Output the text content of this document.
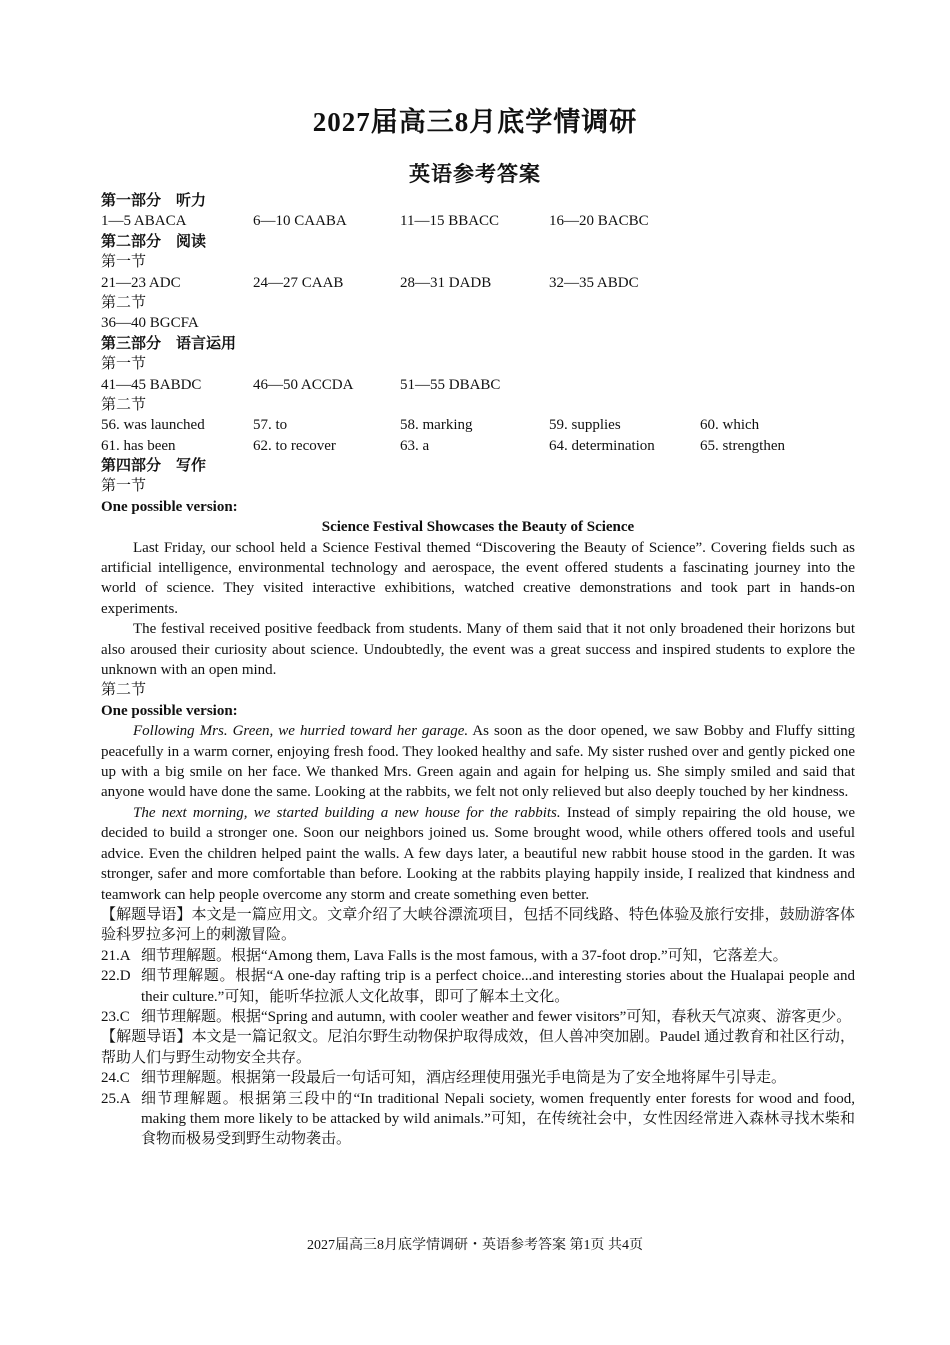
2027届高三8月底学情调研
英语参考答案
第一部分　听力
1—5 ABACA	6—10 CAABA	11—15 BBACC	16—20 BACBC
第二部分　阅读
第一节
21—23 ADC	24—27 CAAB	28—31 DADB	32—35 ABDC
第二节
36—40 BGCFA
第三部分　语言运用
第一节
41—45 BABDC	46—50 ACCDA	51—55 DBABC
第二节
56. was launched	57. to	58. marking	59. supplies	60. which
61. has been	62. to recover	63. a	64. determination	65. strengthen
第四部分　写作
第一节
One possible version:
Science Festival Showcases the Beauty of Science

Last Friday, our school held a Science Festival themed “Discovering the Beauty of Science”. Covering fields such as artificial intelligence, environmental technology and aerospace, the event offered students a fascinating journey into the world of science. They visited interactive exhibitions, watched creative demonstrations and took part in hands-on experiments.

The festival received positive feedback from students. Many of them said that it not only broadened their horizons but also aroused their curiosity about science. Undoubtedly, the event was a great success and inspired students to explore the unknown with an open mind.

第二节
One possible version:

Following Mrs. Green, we hurried toward her garage. As soon as the door opened, we saw Bobby and Fluffy sitting peacefully in a warm corner, enjoying fresh food. They looked healthy and safe. My sister rushed over and gently picked one up with a big smile on her face. We thanked Mrs. Green again and again for helping us. She simply smiled and said that anyone would have done the same. Looking at the rabbits, we felt not only relieved but also deeply touched by her kindness.

The next morning, we started building a new house for the rabbits. Instead of simply repairing the old house, we decided to build a stronger one. Soon our neighbors joined us. Some brought wood, while others offered tools and useful advice. Even the children helped paint the walls. A few days later, a beautiful new rabbit house stood in the garden. It was stronger, safer and more comfortable than before. Looking at the rabbits playing happily inside, I realized that kindness and teamwork can help people overcome any storm and create something even better.

【解题导语】本文是一篇应用文。文章介绍了大峡谷漂流项目，包括不同线路、特色体验及旅行安排，鼓励游客体验科罗拉多河上的刺激冒险。

21.A 细节理解题。根据“Among them, Lava Falls is the most famous, with a 37-foot drop.”可知，它落差大。

22.D 细节理解题。根据“A one-day rafting trip is a perfect choice...and interesting stories about the Hualapai people and their culture.”可知，能听华拉派人文化故事，即可了解本土文化。

23.C 细节理解题。根据“Spring and autumn, with cooler weather and fewer visitors”可知，春秋天气凉爽、游客更少。

【解题导语】本文是一篇记叙文。尼泊尔野生动物保护取得成效，但人兽冲突加剧。Paudel 通过教育和社区行动，帮助人们与野生动物安全共存。

24.C 细节理解题。根据第一段最后一句话可知，酒店经理使用强光手电筒是为了安全地将犀牛引导走。

25.A 细节理解题。根据第三段中的“In traditional Nepali society, women frequently enter forests for wood and food, making them more likely to be attacked by wild animals.”可知，在传统社会中，女性因经常进入森林寻找木柴和食物而极易受到野生动物袭击。

2027届高三8月底学情调研・英语参考答案 第1页 共4页
